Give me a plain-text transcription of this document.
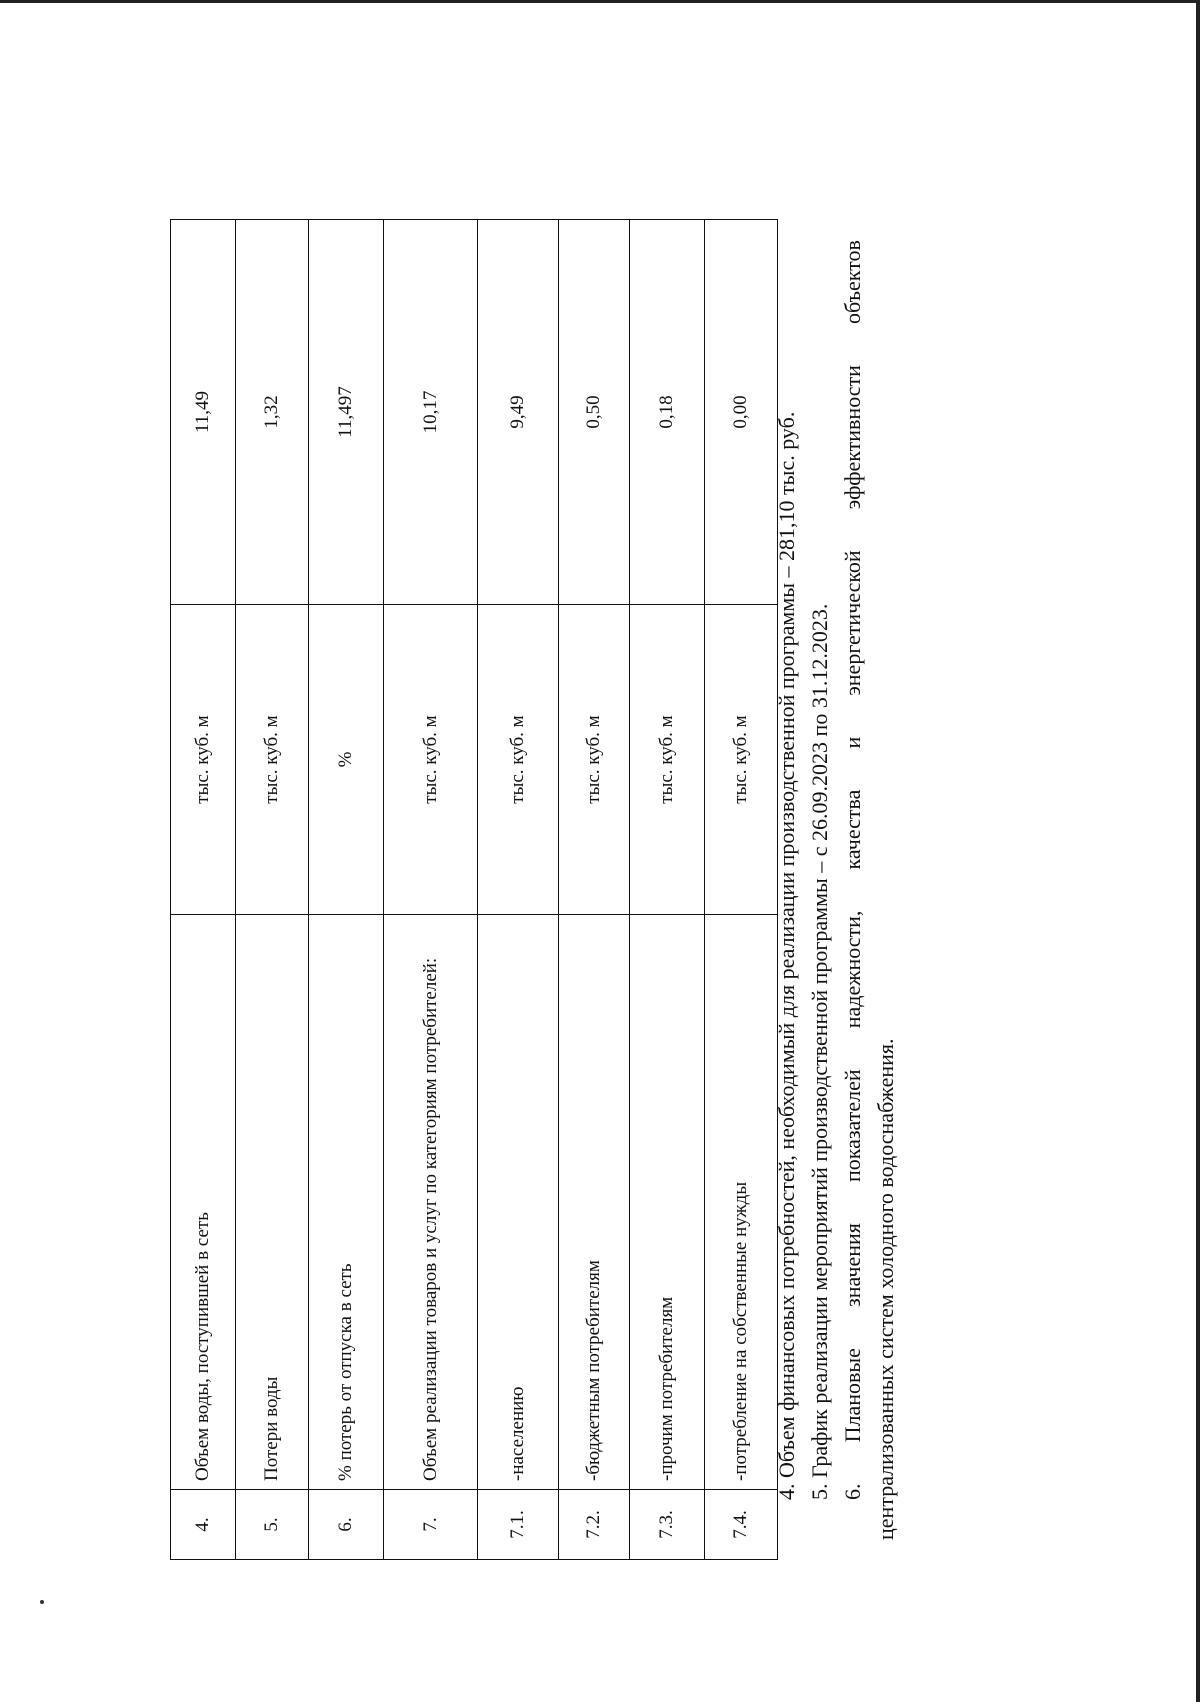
4.	Объем воды, поступившей в сеть	тыс. куб. м	11,49
5.	Потери воды	тыс. куб. м	1,32
6.	% потерь от отпуска в сеть	%	11,497
7.	Объем реализации товаров и услуг по категориям потребителей:	тыс. куб. м	10,17
7.1.	-населению	тыс. куб. м	9,49
7.2.	-бюджетным потребителям	тыс. куб. м	0,50
7.3.	-прочим потребителям	тыс. куб. м	0,18
7.4.	-потребление на собственные нужды	тыс. куб. м	0,00 4. Объем финансовых потребностей, необходимый для реализации производственной программы – 281,10 тыс. руб. 5. График реализации мероприятий производственной программы – с 26.09.2023 по 31.12.2023. 6.
Плановые
значения
показателей
надежности,
качества
и
энергетической
эффективности
объектов

централизованных систем холодного водоснабжения.
